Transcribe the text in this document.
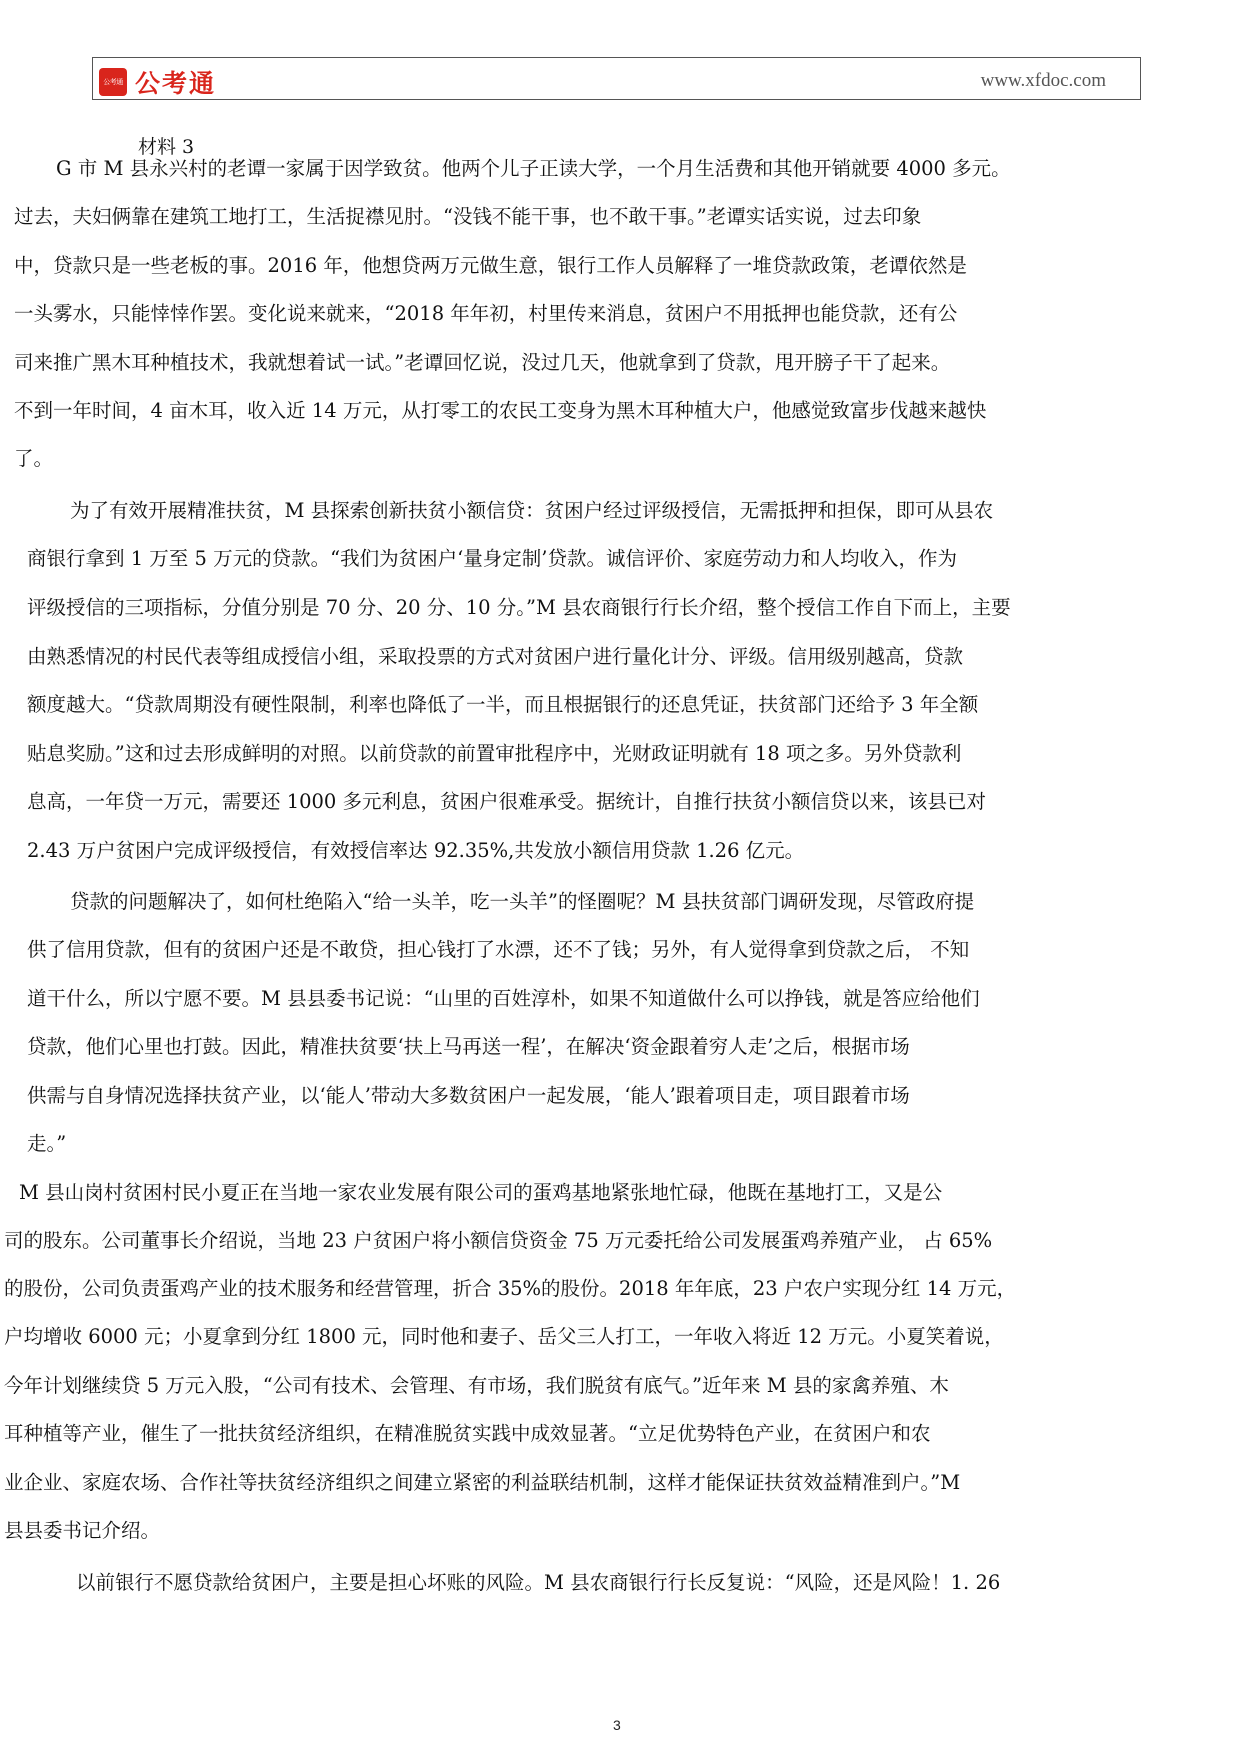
公考通 公考通	www.xfdoc.com
材料 3

G 市 M 县永兴村的老谭一家属于因学致贫。他两个儿子正读大学，一个月生活费和其他开销就要 4000 多元。

过去，夫妇俩靠在建筑工地打工，生活捉襟见肘。“没钱不能干事，也不敢干事。”老谭实话实说，过去印象

中，贷款只是一些老板的事。2016 年，他想贷两万元做生意，银行工作人员解释了一堆贷款政策，老谭依然是

一头雾水，只能悻悻作罢。变化说来就来，“2018 年年初，村里传来消息，贫困户不用抵押也能贷款，还有公

司来推广黑木耳种植技术，我就想着试一试。”老谭回忆说，没过几天，他就拿到了贷款，甩开膀子干了起来。

不到一年时间，4 亩木耳，收入近 14 万元，从打零工的农民工变身为黑木耳种植大户，他感觉致富步伐越来越快

了。

为了有效开展精准扶贫，M 县探索创新扶贫小额信贷：贫困户经过评级授信，无需抵押和担保，即可从县农

商银行拿到 1 万至 5 万元的贷款。“我们为贫困户‘量身定制’贷款。诚信评价、家庭劳动力和人均收入，作为

评级授信的三项指标，分值分别是 70 分、20 分、10 分。”M 县农商银行行长介绍，整个授信工作自下而上，主要

由熟悉情况的村民代表等组成授信小组，采取投票的方式对贫困户进行量化计分、评级。信用级别越高，贷款

额度越大。“贷款周期没有硬性限制，利率也降低了一半，而且根据银行的还息凭证，扶贫部门还给予 3 年全额

贴息奖励。”这和过去形成鲜明的对照。以前贷款的前置审批程序中，光财政证明就有 18 项之多。另外贷款利

息高，一年贷一万元，需要还 1000 多元利息，贫困户很难承受。据统计，自推行扶贫小额信贷以来，该县已对

2.43 万户贫困户完成评级授信，有效授信率达 92.35%,共发放小额信用贷款 1.26 亿元。

贷款的问题解决了，如何杜绝陷入“给一头羊，吃一头羊”的怪圈呢？M 县扶贫部门调研发现，尽管政府提

供了信用贷款，但有的贫困户还是不敢贷，担心钱打了水漂，还不了钱；另外，有人觉得拿到贷款之后， 不知

道干什么，所以宁愿不要。M 县县委书记说：“山里的百姓淳朴，如果不知道做什么可以挣钱，就是答应给他们

贷款，他们心里也打鼓。因此，精准扶贫要‘扶上马再送一程’，在解决‘资金跟着穷人走’之后，根据市场

供需与自身情况选择扶贫产业，以‘能人’带动大多数贫困户一起发展，‘能人’跟着项目走，项目跟着市场

走。”

M 县山岗村贫困村民小夏正在当地一家农业发展有限公司的蛋鸡基地紧张地忙碌，他既在基地打工，又是公

司的股东。公司董事长介绍说，当地 23 户贫困户将小额信贷资金 75 万元委托给公司发展蛋鸡养殖产业， 占 65%

的股份，公司负责蛋鸡产业的技术服务和经营管理，折合 35%的股份。2018 年年底，23 户农户实现分红 14 万元，

户均增收 6000 元；小夏拿到分红 1800 元，同时他和妻子、岳父三人打工，一年收入将近 12 万元。小夏笑着说，

今年计划继续贷 5 万元入股，“公司有技术、会管理、有市场，我们脱贫有底气。”近年来 M 县的家禽养殖、木

耳种植等产业，催生了一批扶贫经济组织，在精准脱贫实践中成效显著。“立足优势特色产业，在贫困户和农

业企业、家庭农场、合作社等扶贫经济组织之间建立紧密的利益联结机制，这样才能保证扶贫效益精准到户。”M

县县委书记介绍。

以前银行不愿贷款给贫困户，主要是担心坏账的风险。M 县农商银行行长反复说：“风险，还是风险！1. 26

3
